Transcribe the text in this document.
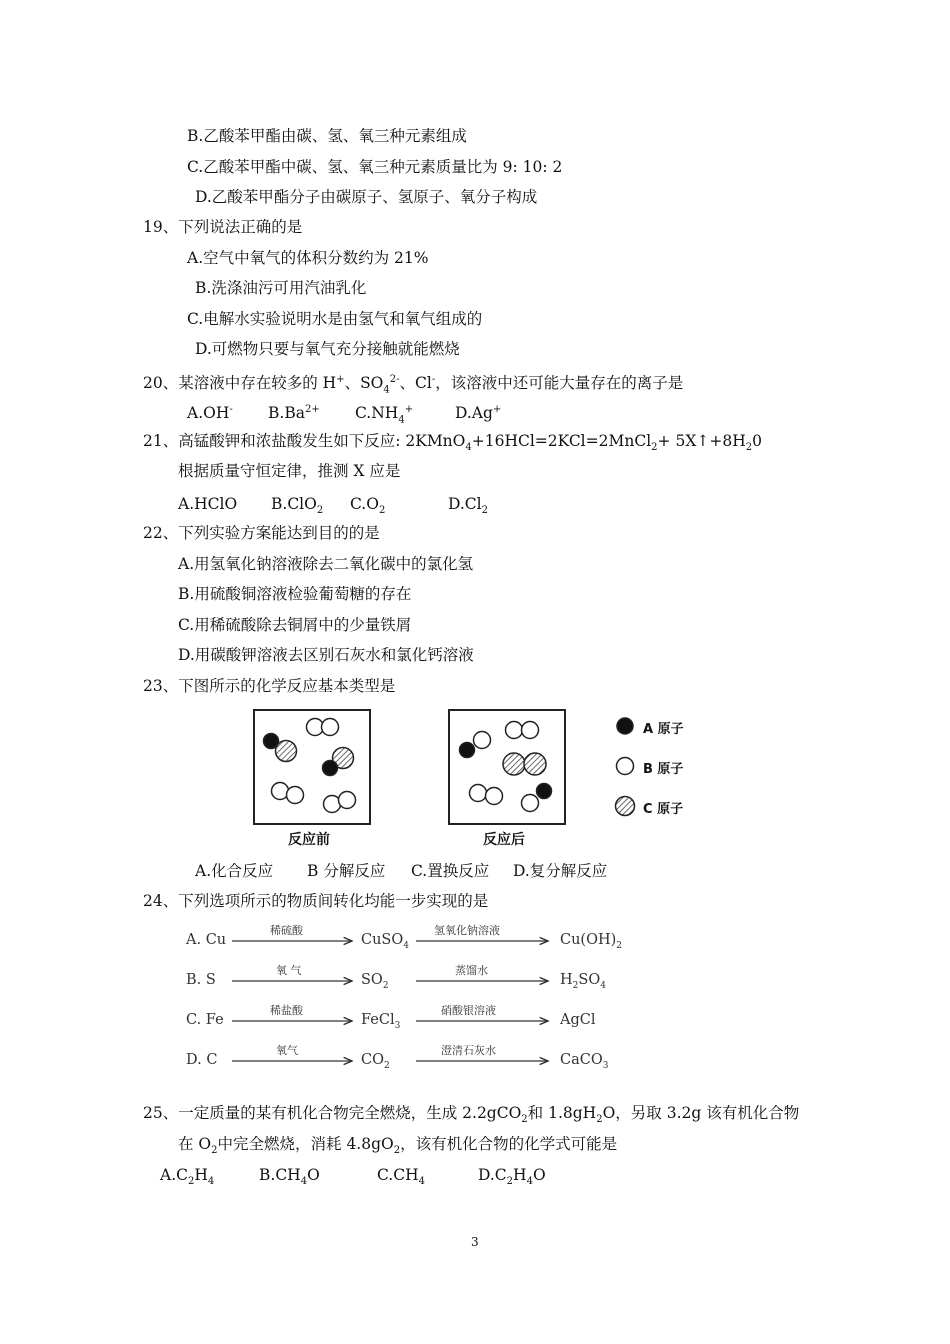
B.乙酸苯甲酯由碳、氢、氧三种元素组成
C.乙酸苯甲酯中碳、氢、氧三种元素质量比为 9: 10: 2
D.乙酸苯甲酯分子由碳原子、氢原子、氧分子构成
19、下列说法正确的是
A.空气中氧气的体积分数约为 21%
B.洗涤油污可用汽油乳化
C.电解水实验说明水是由氢气和氧气组成的
D.可燃物只要与氧气充分接触就能燃烧
20、某溶液中存在较多的 H+、$SO_4^{2-}$、Cl-，该溶液中还可能大量存在的离子是
A.OH- $B.Ba^{2+}$ $C.NH_4^+$	D.Ag+
21、高锰酸钾和浓盐酸发生如下反应: 2KMnO$_4$+16HCl=2KCl=2MnCl$_2$+ $5X↑+8H_20$
根据质量守恒定律，推测 X 应是
A.HClO B.ClO$_2$ $C.O_2$	$D.Cl_2$
22、下列实验方案能达到目的的是
A.用氢氧化钠溶液除去二氧化碳中的氯化氢
B.用硫酸铜溶液检验葡萄糖的存在
C.用稀硫酸除去铜屑中的少量铁屑
D.用碳酸钾溶液去区别石灰水和氯化钙溶液
23、下图所示的化学反应基本类型是
反应前	反应后
A 原子
B 原子
C 原子
A.化合反应 B 分解反应 C.置换反应 D.复分解反应
24、下列选项所示的物质间转化均能一步实现的是
A. Cu
稀硫酸
CuSO$_4$
氢氧化钠溶液
$Cu(OH)_2$
B. S
氧 气
$SO_2$
蒸馏水
$H_2SO_4$
C. Fe
稀盐酸
FeCl$_3$
硝酸银溶液
AgCl
D. C
氧气
$CO_2$
澄清石灰水
CaCO$_3$
25、一定质量的某有机化合物完全燃烧，生成 2.2gCO$_2$和 $1.8gH_2O$，另取 3.2g 该有机化合物
在 $O_2$中完全燃烧，消耗 $4.8gO_2$，该有机化合物的化学式可能是
$A.C_2H_4$	$B.CH_4O$	$C.CH_4$	$D.C_2H_4O$
3
